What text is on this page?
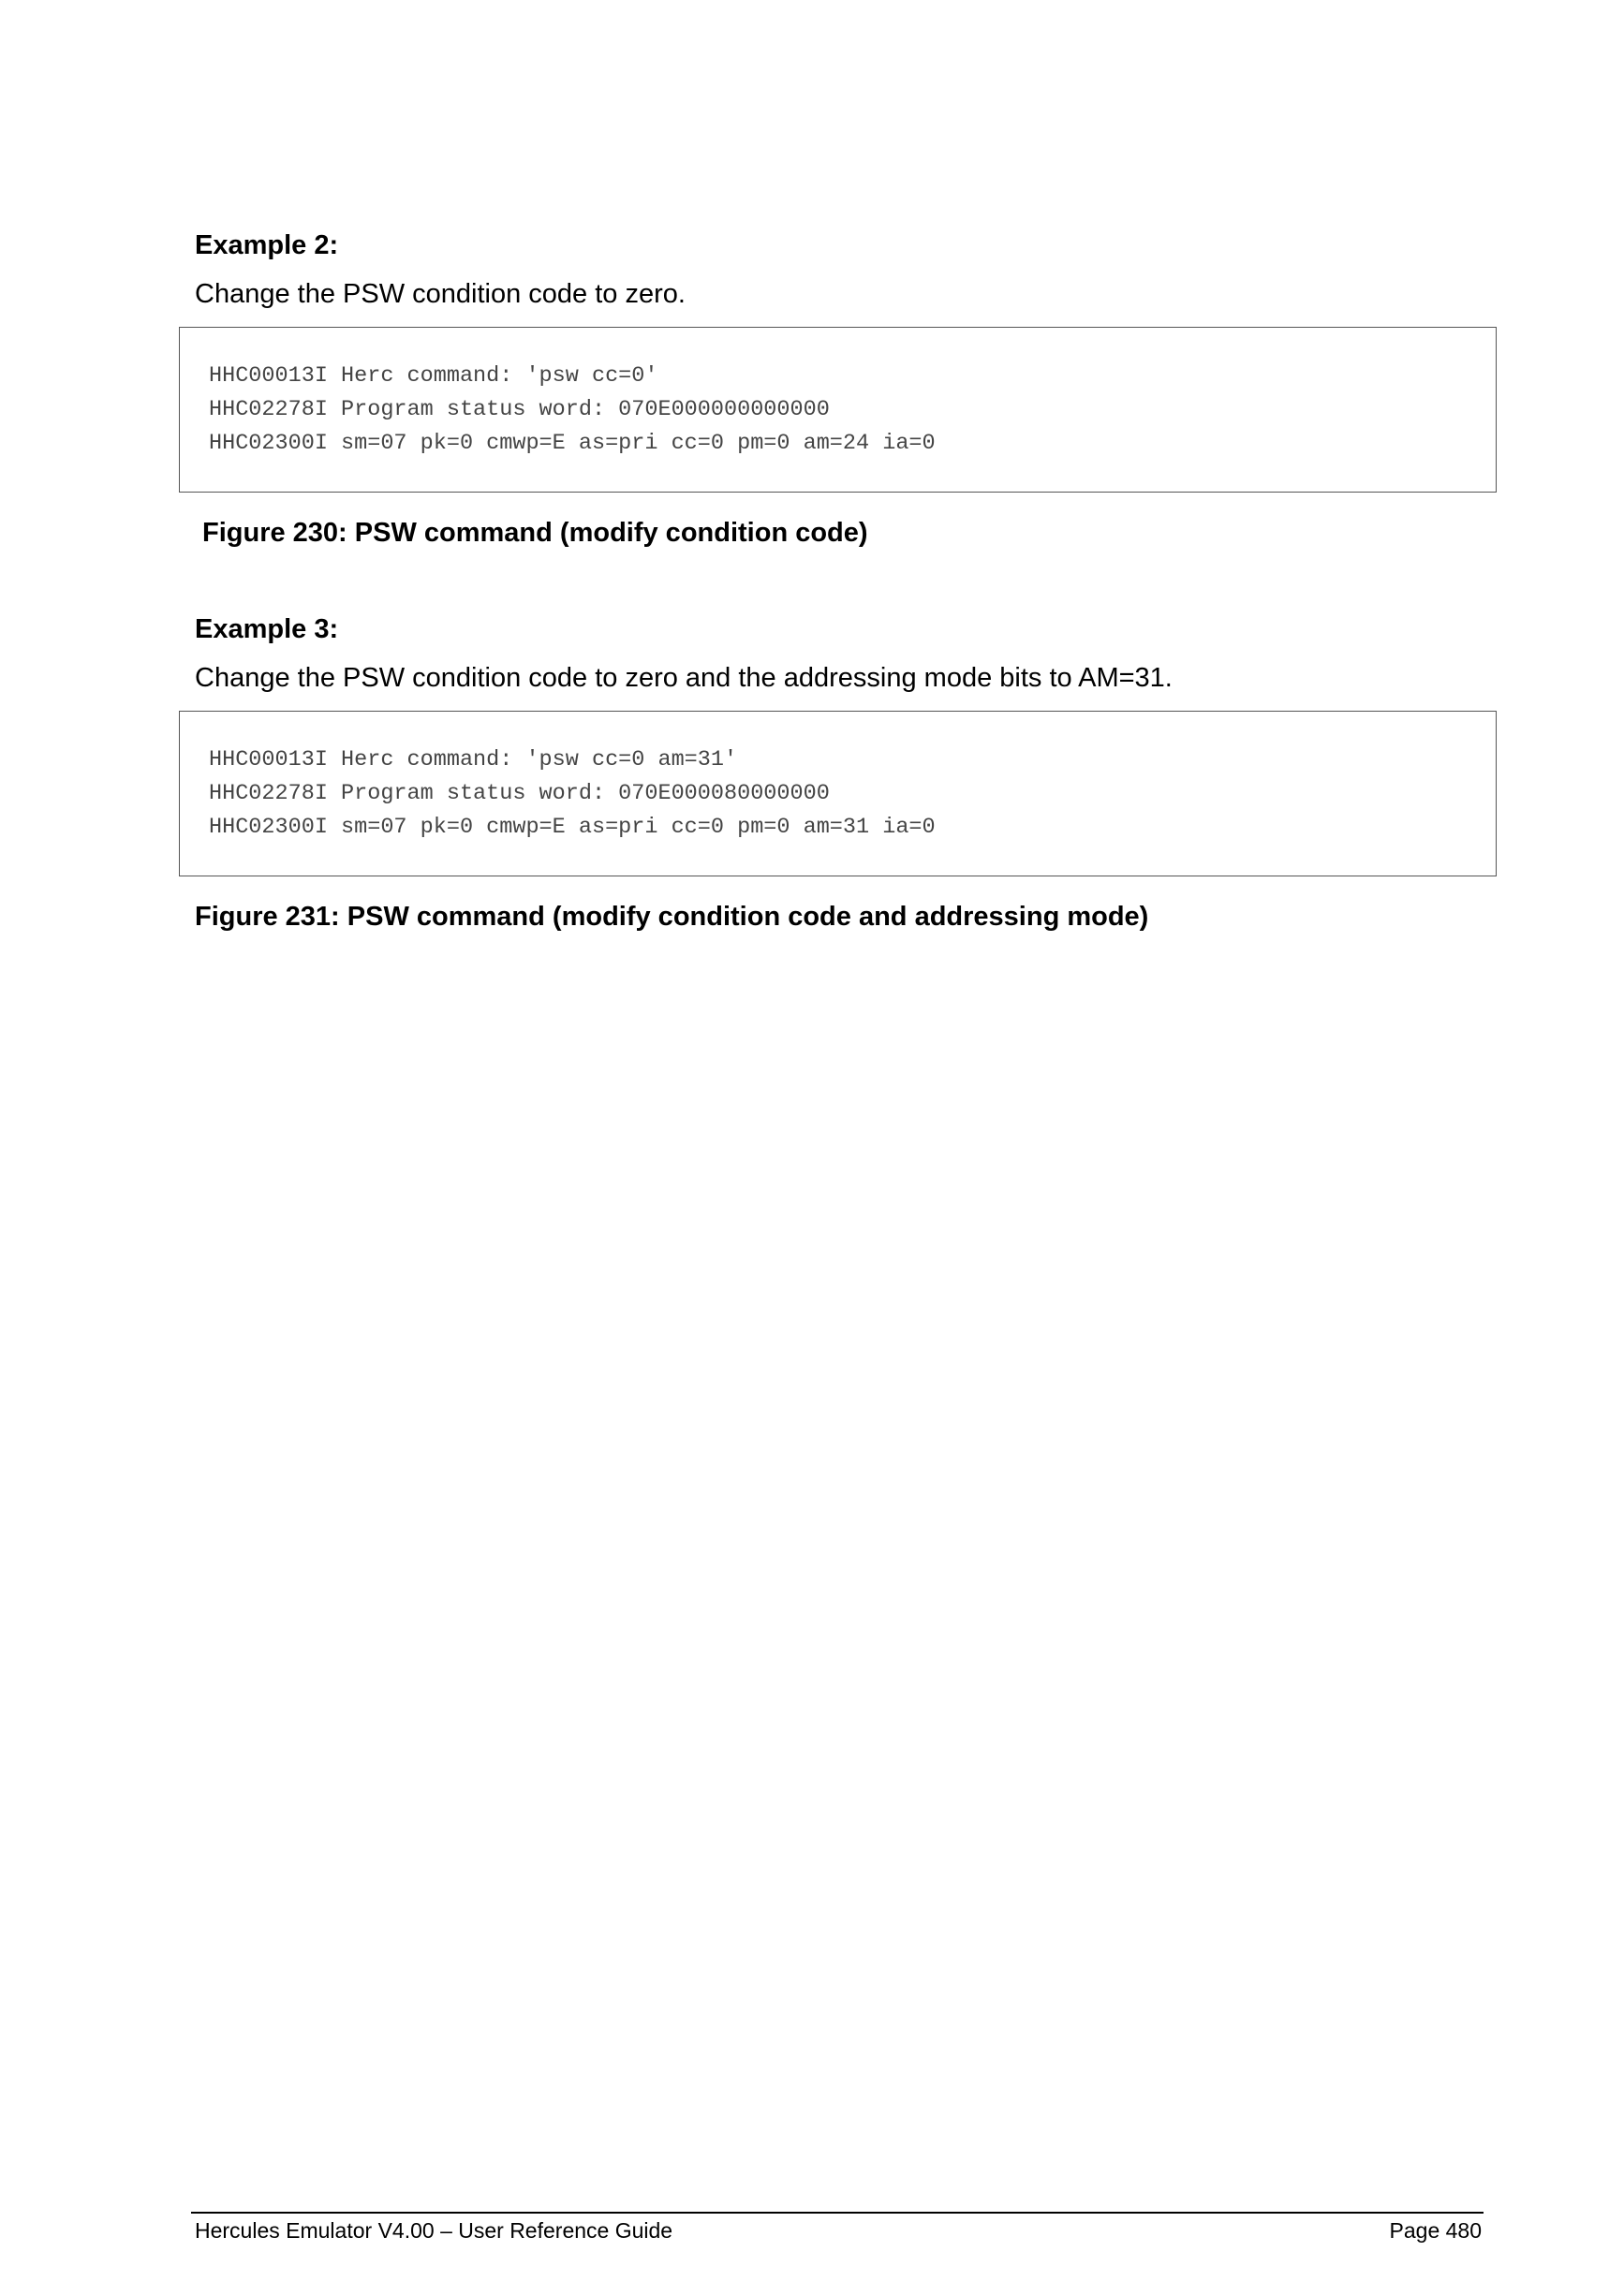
Example 2:
Change the PSW condition code to zero.
HHC00013I Herc command: 'psw cc=0'
HHC02278I Program status word: 070E000000000000
HHC02300I sm=07 pk=0 cmwp=E as=pri cc=0 pm=0 am=24 ia=0
Figure 230: PSW command (modify condition code)
Example 3:
Change the PSW condition code to zero and the addressing mode bits to AM=31.
HHC00013I Herc command: 'psw cc=0 am=31'
HHC02278I Program status word: 070E000080000000
HHC02300I sm=07 pk=0 cmwp=E as=pri cc=0 pm=0 am=31 ia=0
Figure 231: PSW command (modify condition code and addressing mode)
Hercules Emulator V4.00 – User Reference Guide	Page 480
